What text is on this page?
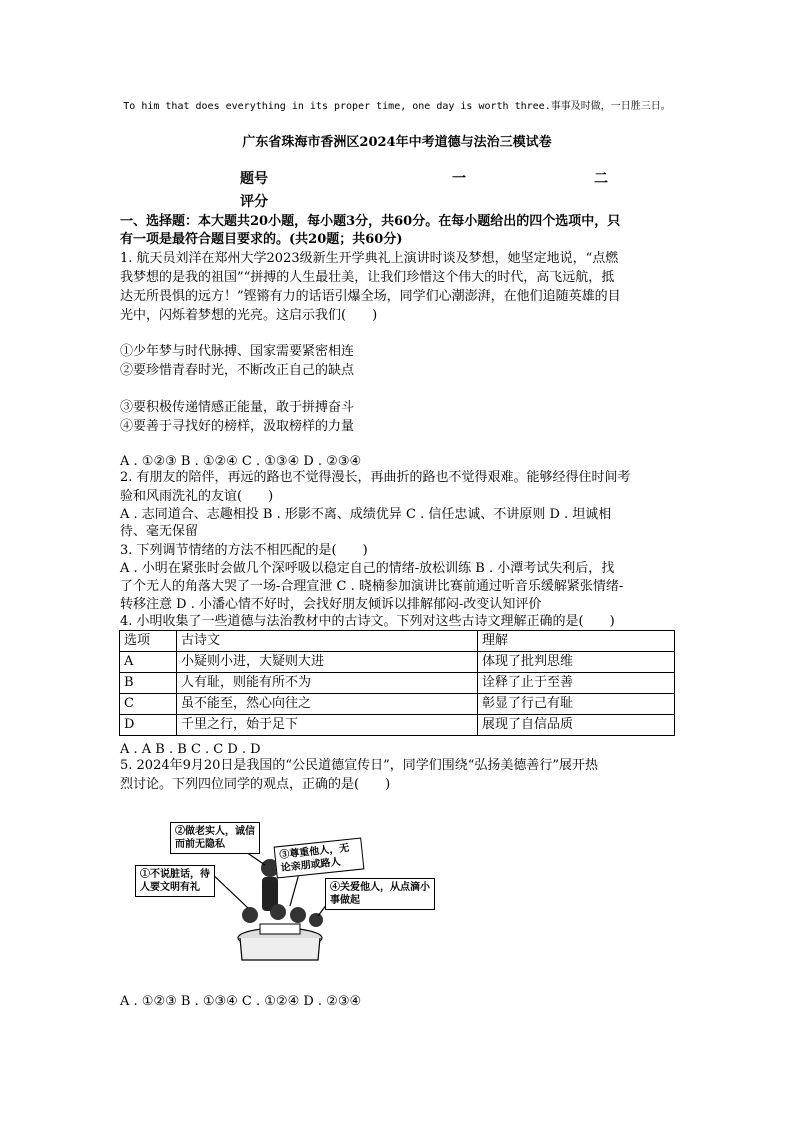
To him that does everything in its proper time, one day is worth three.事事及时做，一日胜三日。
广东省珠海市香洲区2024年中考道德与法治三模试卷
题号	一	二
评分
一、选择题：本大题共20小题，每小题3分，共60分。在每小题给出的四个选项中，只
有一项是最符合题目要求的。(共20题；共60分)
1. 航天员刘洋在郑州大学2023级新生开学典礼上演讲时谈及梦想，她坚定地说，“点燃
我梦想的是我的祖国”“拼搏的人生最壮美，让我们珍惜这个伟大的时代，高飞远航，抵
达无所畏惧的远方！”铿锵有力的话语引爆全场，同学们心潮澎湃，在他们追随英雄的目
光中，闪烁着梦想的光亮。这启示我们(　　)
①少年梦与时代脉搏、国家需要紧密相连
②要珍惜青春时光，不断改正自己的缺点
③要积极传递情感正能量，敢于拼搏奋斗
④要善于寻找好的榜样，汲取榜样的力量
A . ①②③ B . ①②④ C . ①③④ D . ②③④
2. 有朋友的陪伴，再远的路也不觉得漫长，再曲折的路也不觉得艰难。能够经得住时间考
验和风雨洗礼的友谊(　　)
A . 志同道合、志趣相投 B . 形影不离、成绩优异 C . 信任忠诚、不讲原则 D . 坦诚相
待、毫无保留
3. 下列调节情绪的方法不相匹配的是(　　)
A . 小明在紧张时会做几个深呼吸以稳定自己的情绪-放松训练 B . 小潭考试失利后，找
了个无人的角落大哭了一场-合理宣泄 C . 晓楠参加演讲比赛前通过听音乐缓解紧张情绪-
转移注意 D . 小潘心情不好时，会找好朋友倾诉以排解郁闷-改变认知评价
4. 小明收集了一些道德与法治教材中的古诗文。下列对这些古诗文理解正确的是(　　)
选项	古诗文	理解
A	小疑则小进，大疑则大进	体现了批判思维
B	人有耻，则能有所不为	诠释了止于至善
C	虽不能至，然心向往之	彰显了行己有耻
D	千里之行，始于足下	展现了自信品质
A . A B . B C . C D . D
5. 2024年9月20日是我国的“公民道德宣传日”，同学们围绕“弘扬美德善行”展开热
烈讨论。下列四位同学的观点，正确的是(　　)
①不说脏话，待人要文明有礼
②做老实人，诚信而前无隐私	③尊重他人，无论亲朋或路人
④关爱他人，从点滴小事做起
A . ①②③ B . ①③④ C . ①②④ D . ②③④
